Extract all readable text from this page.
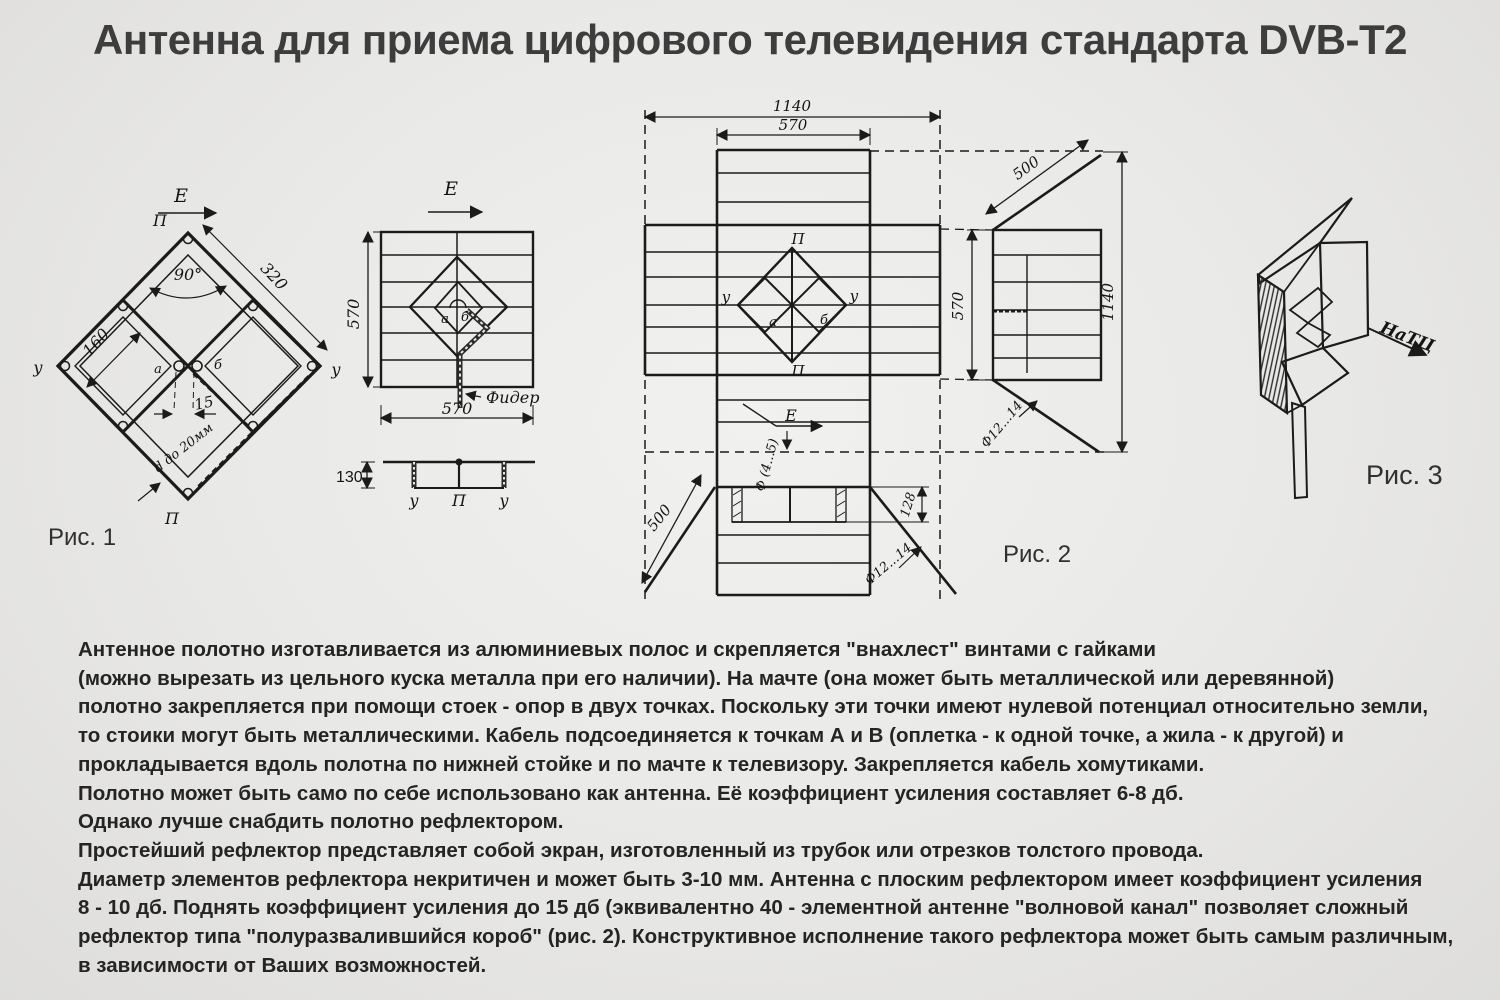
Антенна для приема цифрового телевидения стандарта DVB-T2
E
П
90°	320
160
у	у
а	б
15
d до 20мм
П
Рис. 1
E
570
570
а б
Фидер
130
у П у
1140
570
500
570	1140
Ф12...14
П
у	у
а	б
П
E
Ф (4...5)
500	128
Ф12...14	Рис. 2
НаТЦ
Рис. 3
Антенное полотно изготавливается из алюминиевых полос и скрепляется "внахлест" винтами с гайками
(можно вырезать из цельного куска металла при его наличии). На мачте (она может быть металлической или деревянной)
полотно закрепляется при помощи стоек - опор в двух точках. Поскольку эти точки имеют нулевой потенциал относительно земли,
то стоики могут быть металлическими. Кабель подсоединяется к точкам А и В (оплетка - к одной точке, а жила - к другой) и
прокладывается вдоль полотна по нижней стойке и по мачте к телевизору. Закрепляется кабель хомутиками.
Полотно может быть само по себе использовано как антенна. Её коэффициент усиления составляет 6-8 дб.
Однако лучше снабдить полотно рефлектором.
Простейший рефлектор представляет собой экран, изготовленный из трубок или отрезков толстого провода.
Диаметр элементов рефлектора некритичен и может быть 3-10 мм. Антенна с плоским рефлектором имеет коэффициент усиления
8 - 10 дб. Поднять коэффициент усиления до 15 дб (эквивалентно 40 - элементной антенне "волновой канал" позволяет сложный
рефлектор типа "полуразвалившийся короб" (рис. 2). Конструктивное исполнение такого рефлектора может быть самым различным,
в зависимости от Ваших возможностей.
